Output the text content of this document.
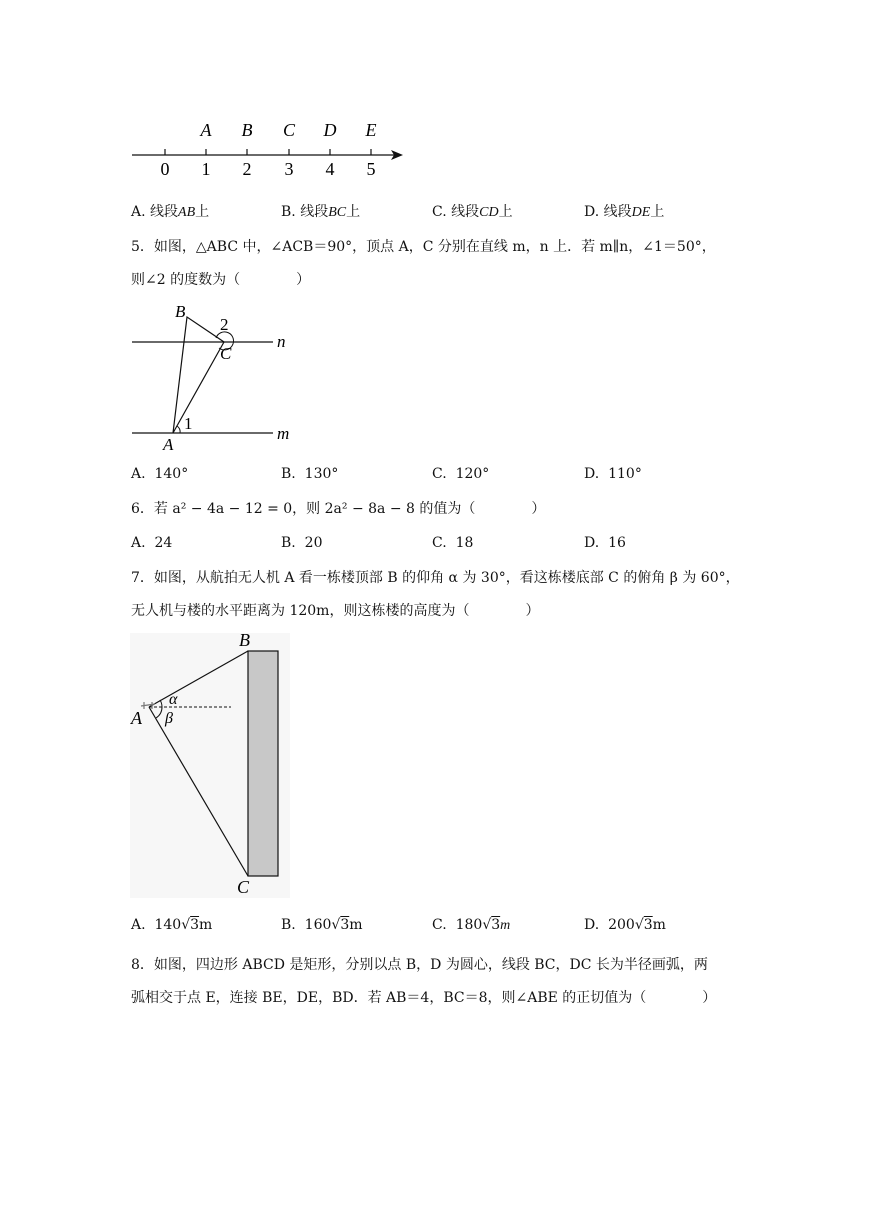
A B C D E
0 1 2 3 4 5
A. 线段AB上	B. 线段BC上	C. 线段CD上	D. 线段DE上
5．如图，△ABC 中，∠ACB＝90°，顶点 A，C 分别在直线 m，n 上．若 m∥n，∠1＝50°，
则∠2 的度数为（　　　　）
B
C
A
n
m
1
2
A. 140°	B. 130°	C. 120°	D. 110°
6．若 a² − 4a − 12 = 0，则 2a² − 8a − 8 的值为（　　　　）
A. 24	B. 20	C. 18	D. 16
7．如图，从航拍无人机 A 看一栋楼顶部 B 的仰角 α 为 30°，看这栋楼底部 C 的俯角 β 为 60°，
无人机与楼的水平距离为 120m，则这栋楼的高度为（　　　　）
A
B
C
α
β
A. 140√3m	B. 160√3m	C. 180√3m	D. 200√3m
8．如图，四边形 ABCD 是矩形，分别以点 B，D 为圆心，线段 BC，DC 长为半径画弧，两
弧相交于点 E，连接 BE，DE，BD．若 AB＝4，BC＝8，则∠ABE 的正切值为（　　　　）
